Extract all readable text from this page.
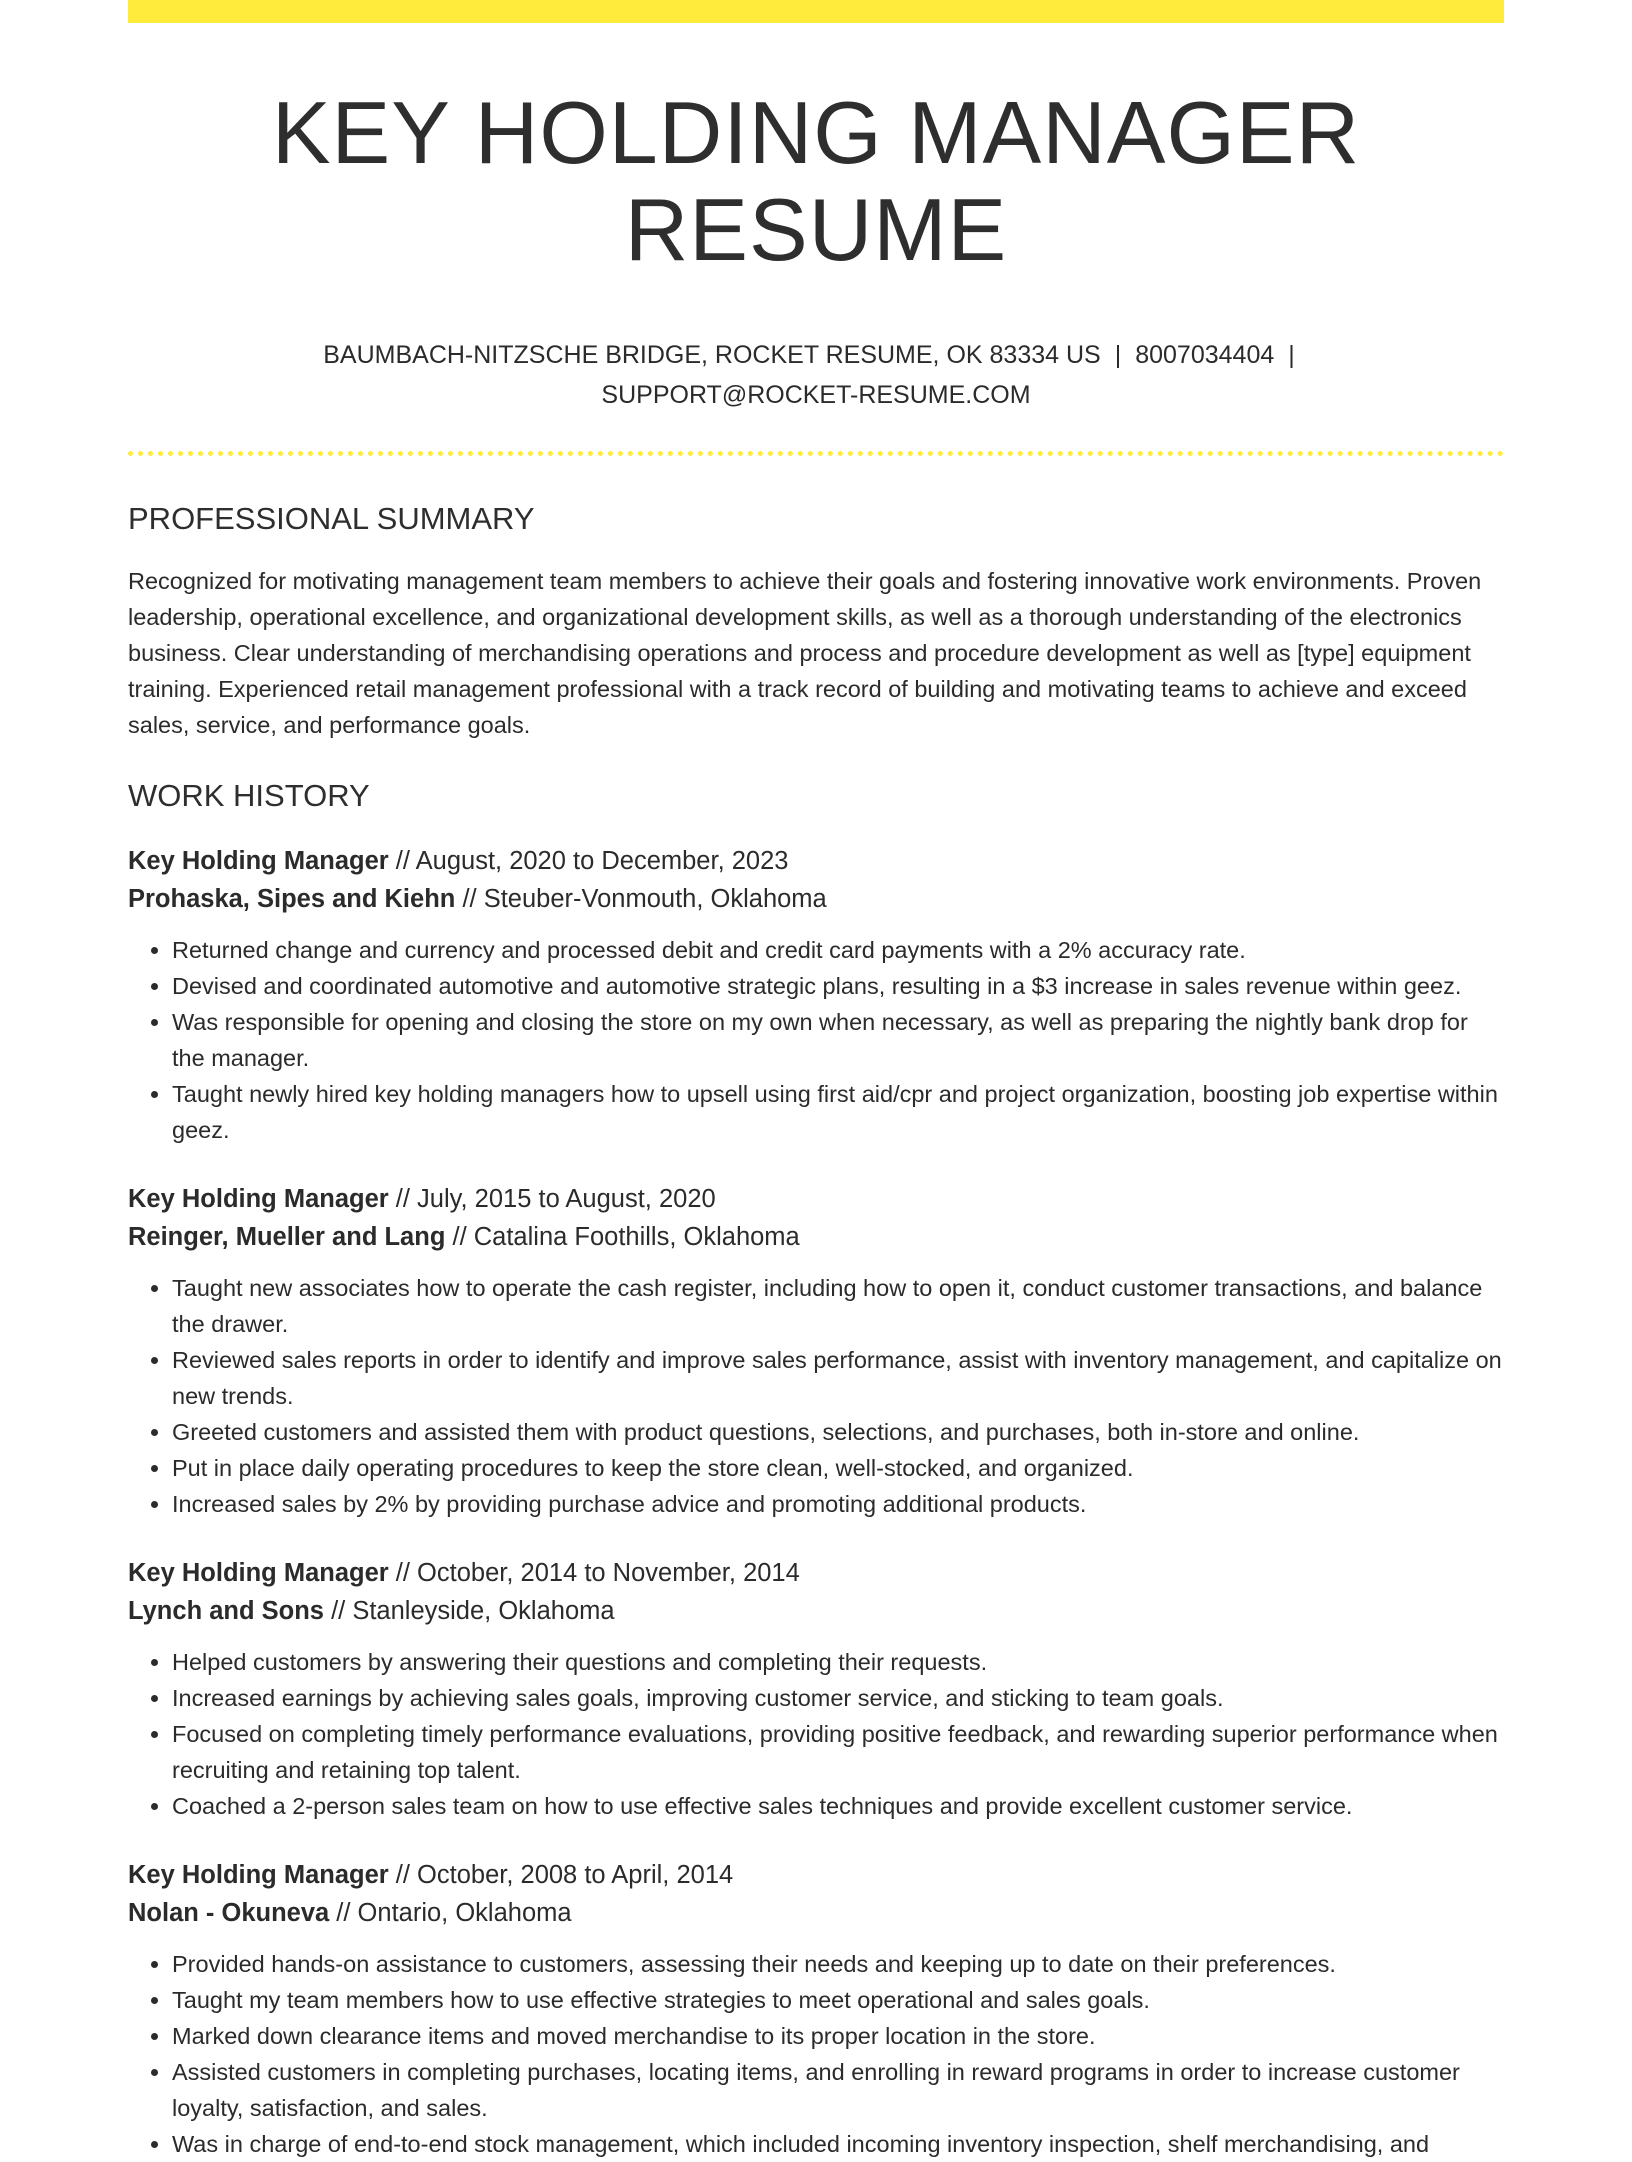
KEY HOLDING MANAGER RESUME
BAUMBACH-NITZSCHE BRIDGE, ROCKET RESUME, OK 83334 US | 8007034404 |
SUPPORT@ROCKET-RESUME.COM
PROFESSIONAL SUMMARY

Recognized for motivating management team members to achieve their goals and fostering innovative work environments. Proven leadership, operational excellence, and organizational development skills, as well as a thorough understanding of the electronics business. Clear understanding of merchandising operations and process and procedure development as well as [type] equipment training. Experienced retail management professional with a track record of building and motivating teams to achieve and exceed sales, service, and performance goals.

WORK HISTORY
Key Holding Manager // August, 2020 to December, 2023
Prohaska, Sipes and Kiehn // Steuber-Vonmouth, Oklahoma
• Returned change and currency and processed debit and credit card payments with a 2% accuracy rate.
• Devised and coordinated automotive and automotive strategic plans, resulting in a $3 increase in sales revenue within geez.
• Was responsible for opening and closing the store on my own when necessary, as well as preparing the nightly bank drop for the manager.
• Taught newly hired key holding managers how to upsell using first aid/cpr and project organization, boosting job expertise within geez.
Key Holding Manager // July, 2015 to August, 2020
Reinger, Mueller and Lang // Catalina Foothills, Oklahoma
• Taught new associates how to operate the cash register, including how to open it, conduct customer transactions, and balance the drawer.
• Reviewed sales reports in order to identify and improve sales performance, assist with inventory management, and capitalize on new trends.
• Greeted customers and assisted them with product questions, selections, and purchases, both in-store and online.
• Put in place daily operating procedures to keep the store clean, well-stocked, and organized.
• Increased sales by 2% by providing purchase advice and promoting additional products.
Key Holding Manager // October, 2014 to November, 2014
Lynch and Sons // Stanleyside, Oklahoma
• Helped customers by answering their questions and completing their requests.
• Increased earnings by achieving sales goals, improving customer service, and sticking to team goals.
• Focused on completing timely performance evaluations, providing positive feedback, and rewarding superior performance when recruiting and retaining top talent.
• Coached a 2-person sales team on how to use effective sales techniques and provide excellent customer service.
Key Holding Manager // October, 2008 to April, 2014
Nolan - Okuneva // Ontario, Oklahoma
• Provided hands-on assistance to customers, assessing their needs and keeping up to date on their preferences.
• Taught my team members how to use effective strategies to meet operational and sales goals.
• Marked down clearance items and moved merchandise to its proper location in the store.
• Assisted customers in completing purchases, locating items, and enrolling in reward programs in order to increase customer loyalty, satisfaction, and sales.
• Was in charge of end-to-end stock management, which included incoming inventory inspection, shelf merchandising, and
